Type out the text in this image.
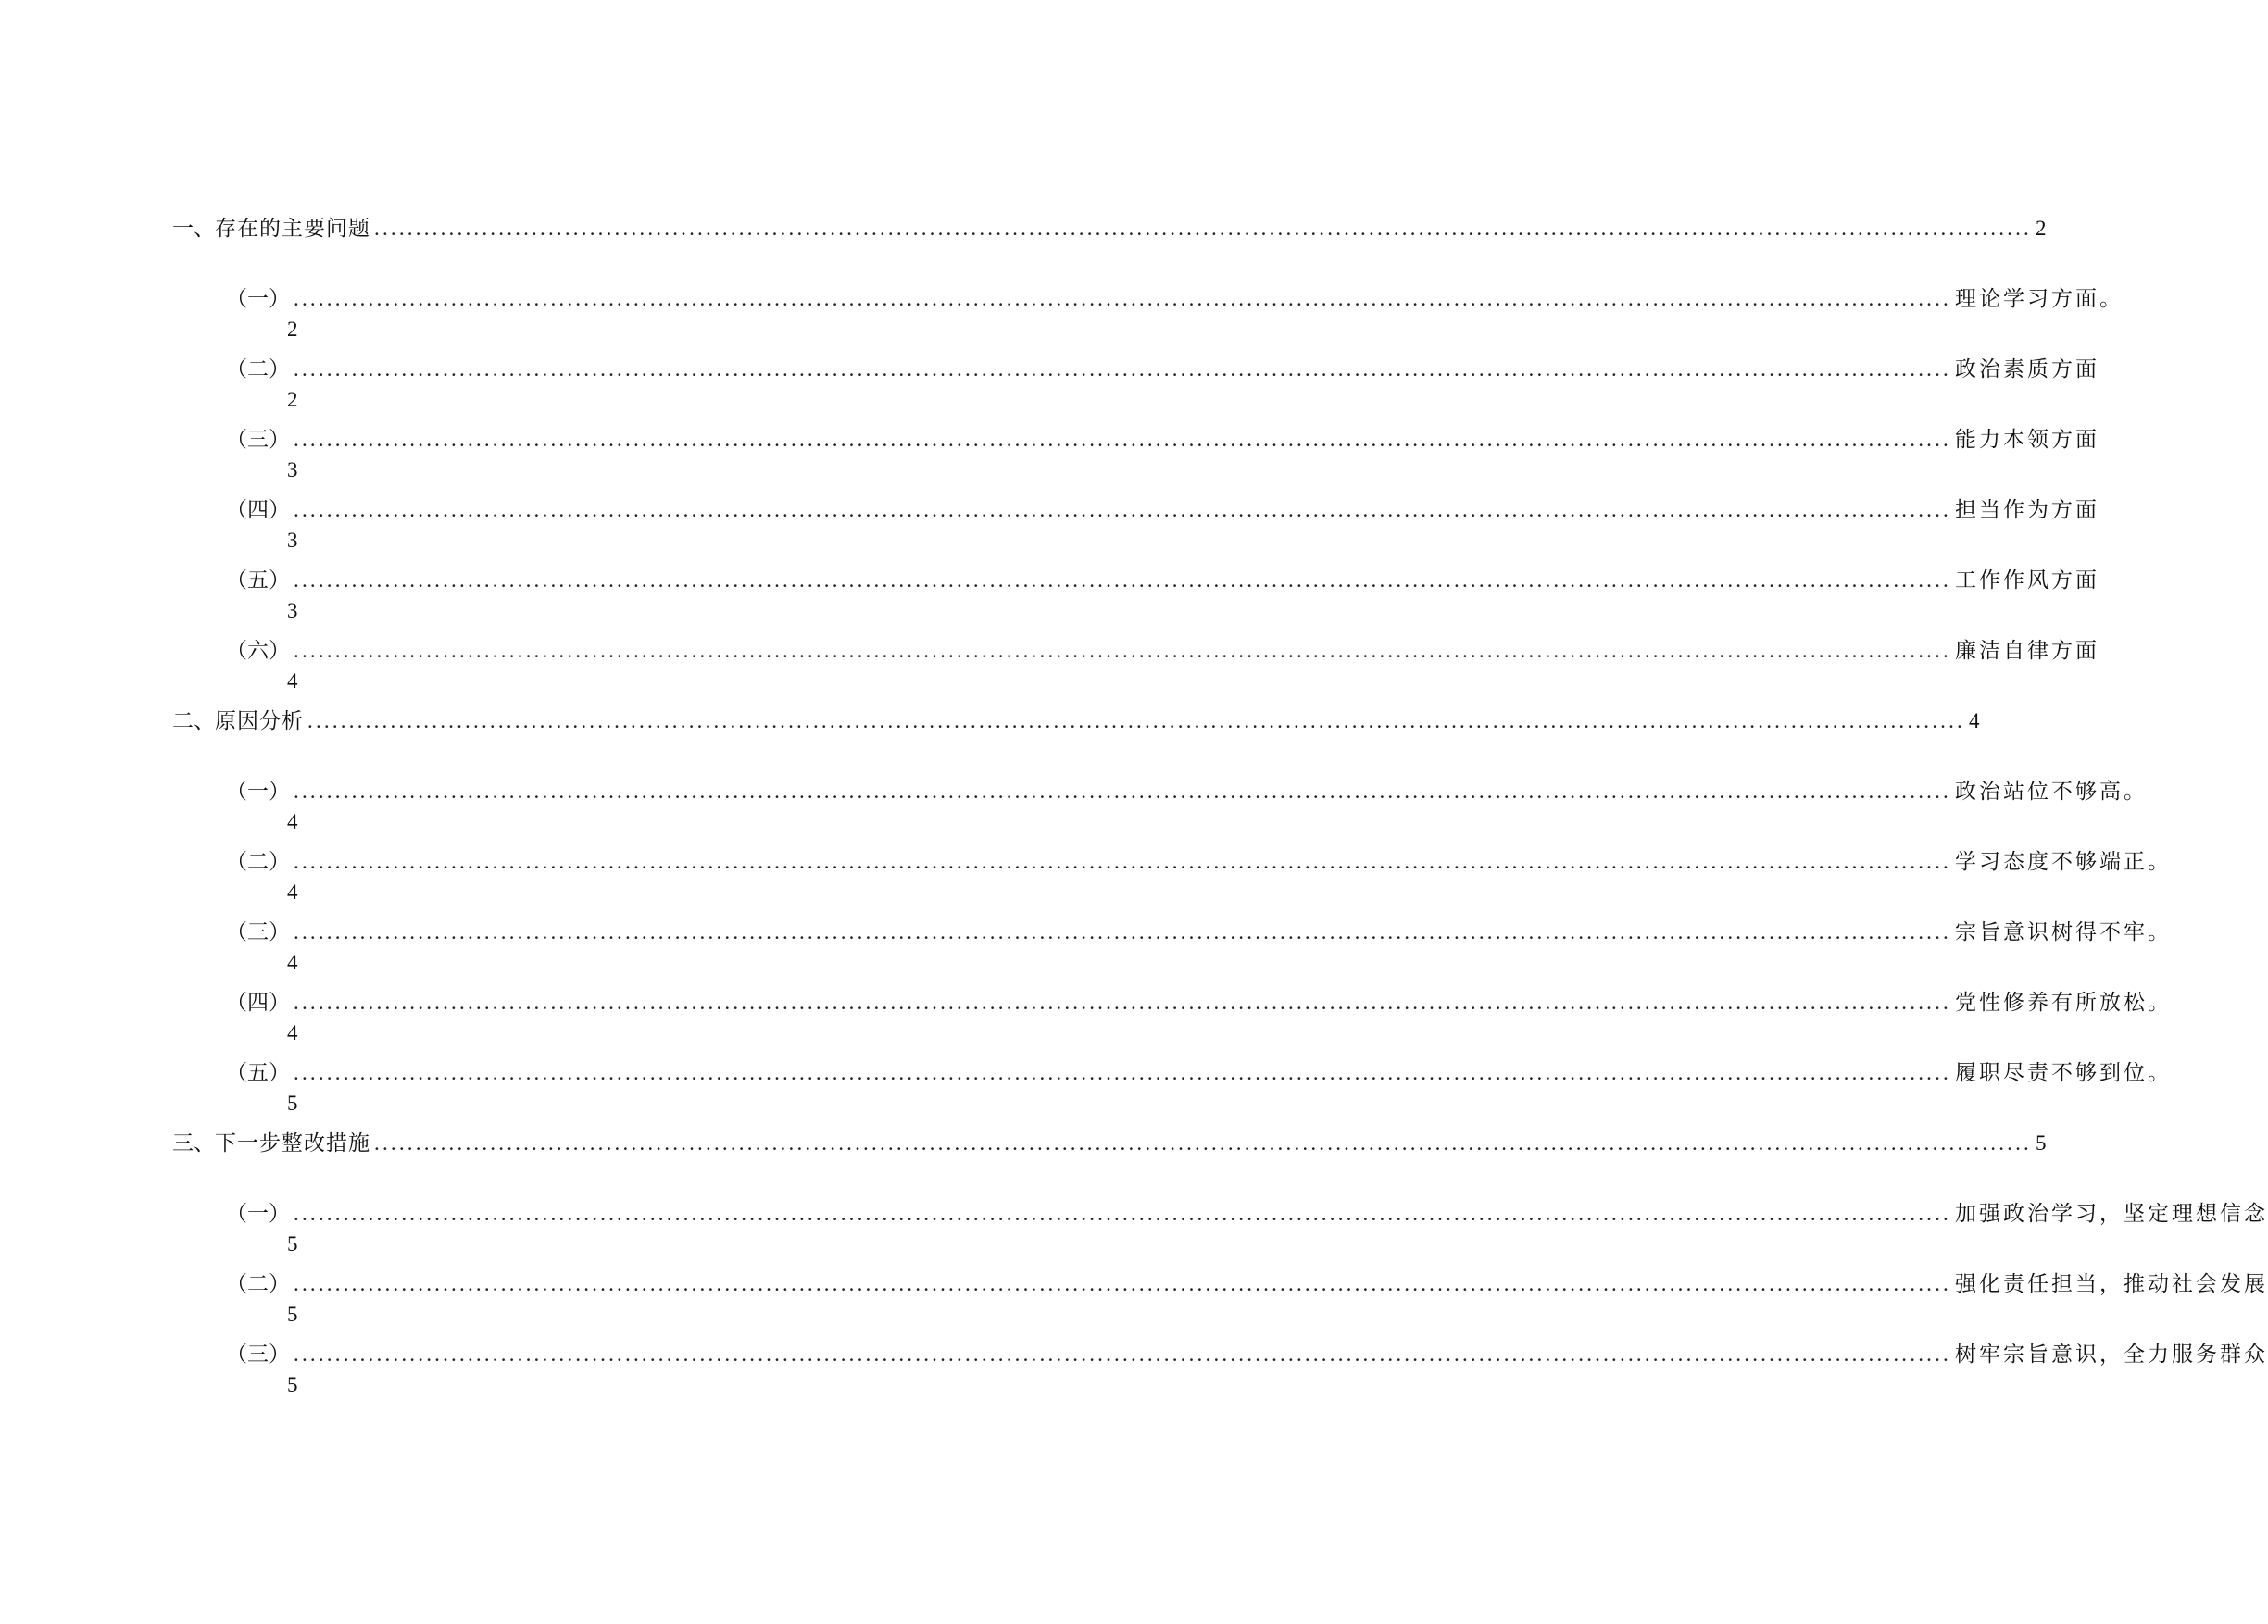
一、 存在的主要问题 ........................................................................................................................................................................................................ 2
（一） ........................................................................................................................................................................................................ 理论学习方面。
2
（二） ........................................................................................................................................................................................................ 政治素质方面
2
（三） ........................................................................................................................................................................................................ 能力本领方面
3
（四） ........................................................................................................................................................................................................ 担当作为方面
3
（五） ........................................................................................................................................................................................................ 工作作风方面
3
（六） ........................................................................................................................................................................................................ 廉洁自律方面
4
二、 原因分析 ........................................................................................................................................................................................................ 4
（一） ........................................................................................................................................................................................................ 政治站位不够高。
4
（二） ........................................................................................................................................................................................................ 学习态度不够端正。
4
（三） ........................................................................................................................................................................................................ 宗旨意识树得不牢。
4
（四） ........................................................................................................................................................................................................ 党性修养有所放松。
4
（五） ........................................................................................................................................................................................................ 履职尽责不够到位。
5
三、 下一步整改措施 ........................................................................................................................................................................................................ 5
（一） ........................................................................................................................................................................................................ 加强政治学习，坚定理想信念
5
（二） ........................................................................................................................................................................................................ 强化责任担当，推动社会发展
5
（三） ........................................................................................................................................................................................................ 树牢宗旨意识，全力服务群众
5
